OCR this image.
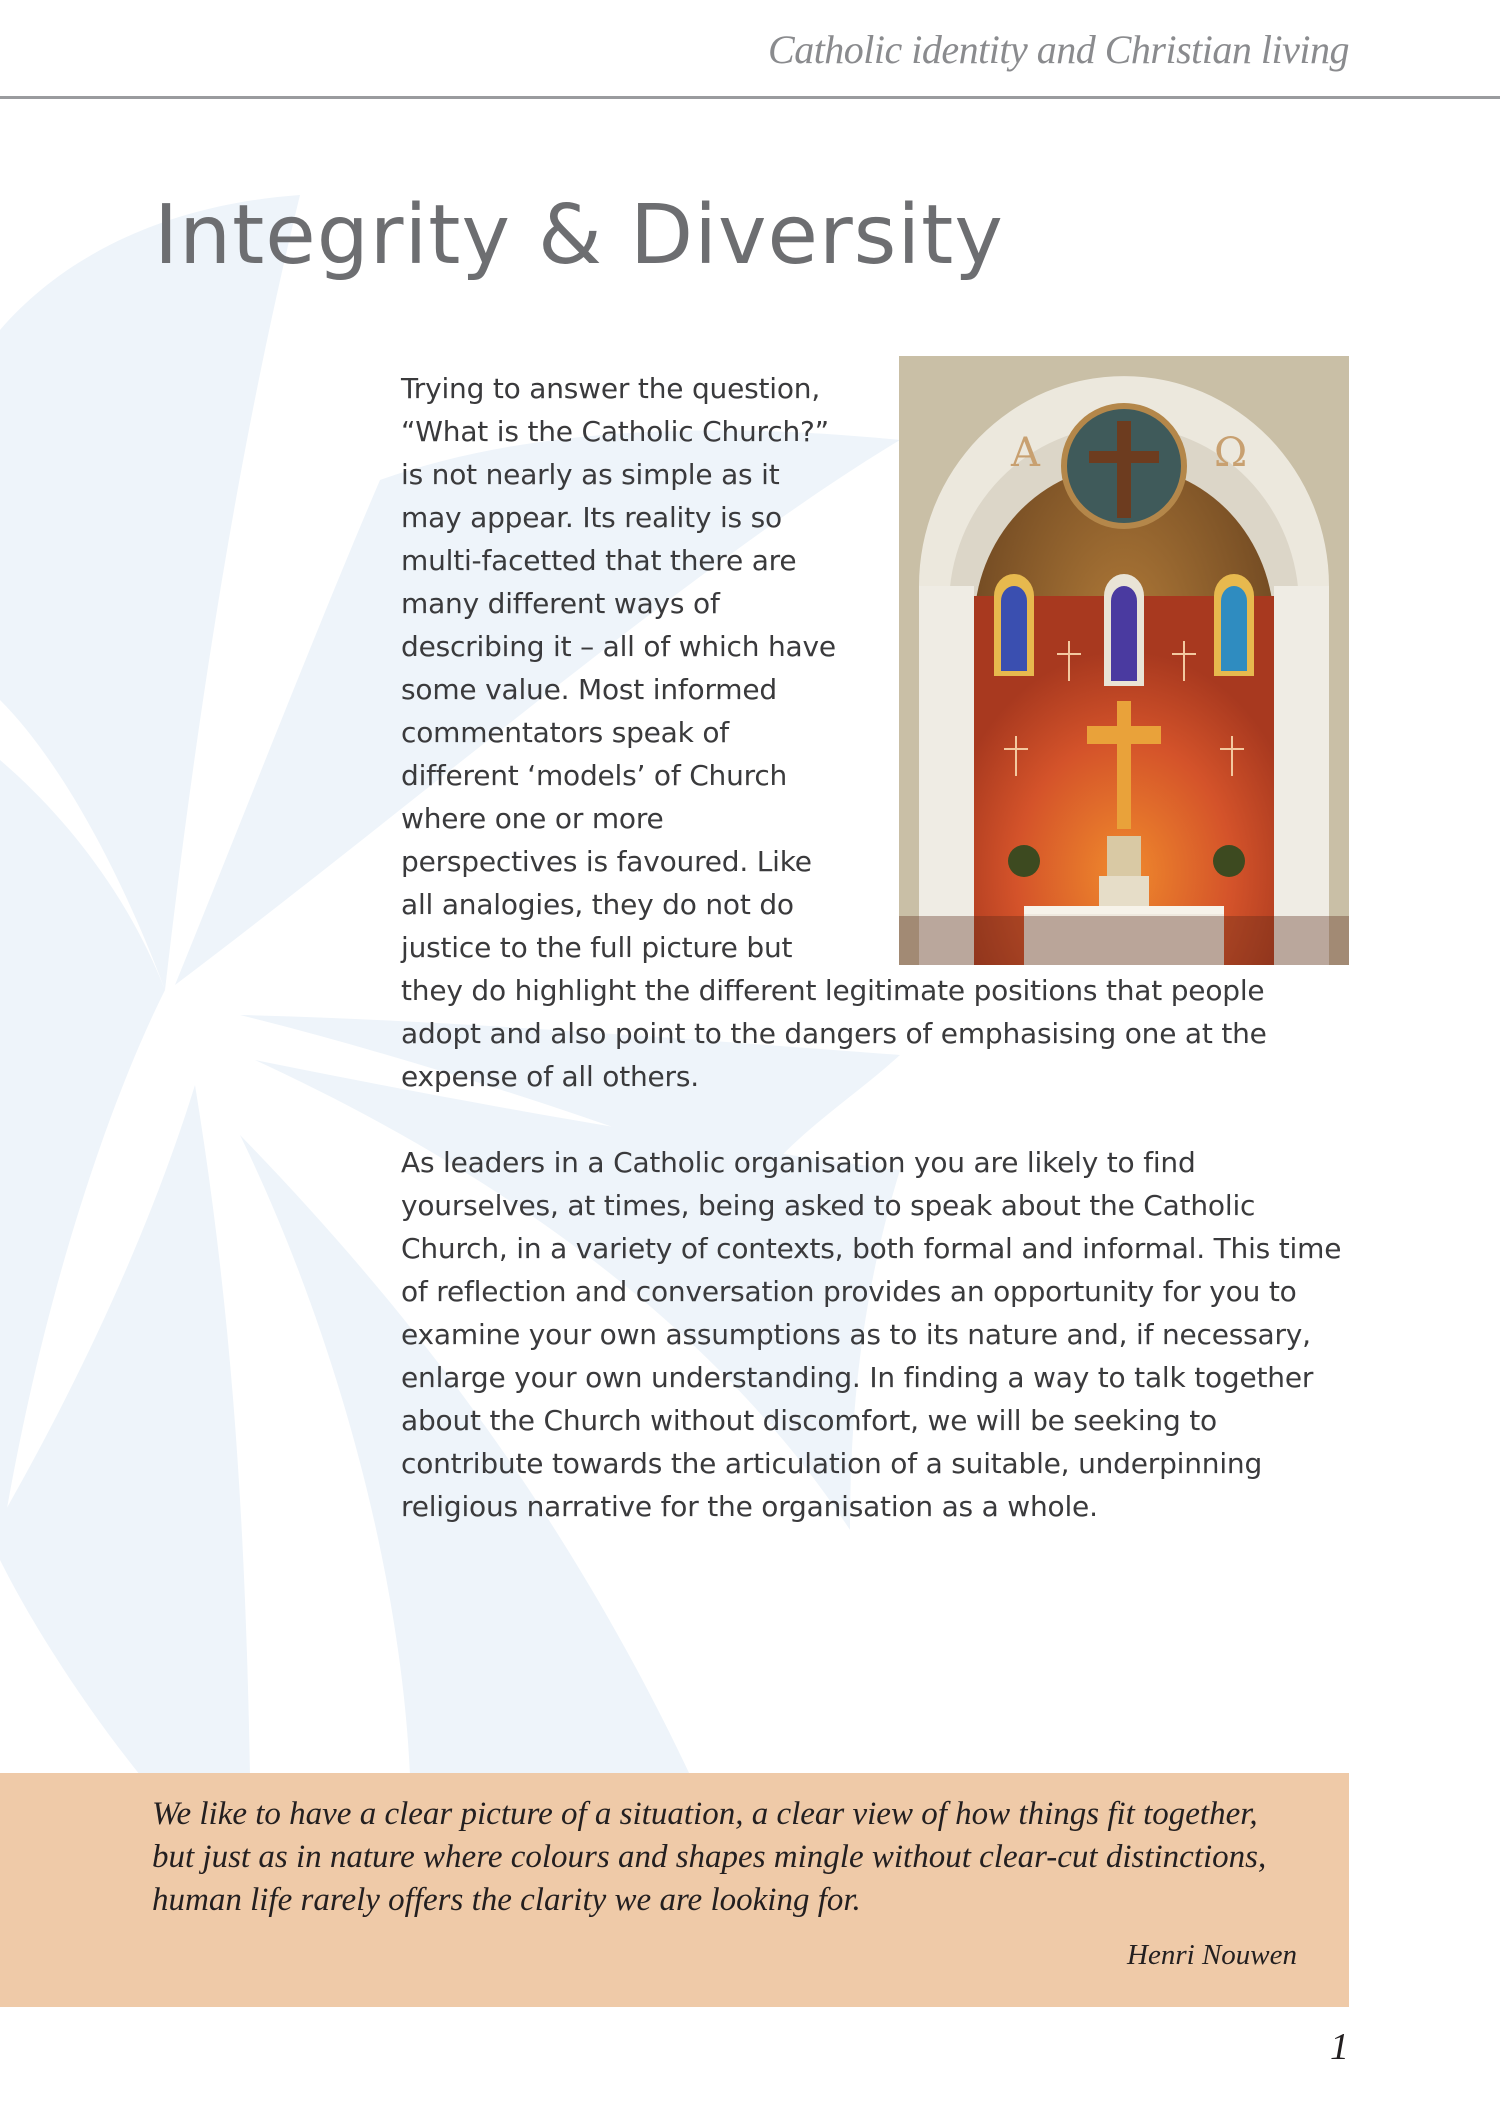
Catholic identity and Christian living
Integrity & Diversity
A	Ω
Trying to answer the question, “What is the Catholic Church?” is not nearly as simple as it may appear. Its reality is so multi-facetted that there are many different ways of describing it – all of which have some value. Most informed commentators speak of different ‘models’ of Church where one or more perspectives is favoured. Like all analogies, they do not do justice to the full picture but they do highlight the different legitimate positions that people adopt and also point to the dangers of emphasising one at the expense of all others.

As leaders in a Catholic organisation you are likely to find yourselves, at times, being asked to speak about the Catholic Church, in a variety of contexts, both formal and informal. This time of reflection and conversation provides an opportunity for you to examine your own assumptions as to its nature and, if necessary, enlarge your own understanding. In finding a way to talk together about the Church without discomfort, we will be seeking to contribute towards the articulation of a suitable, underpinning religious narrative for the organisation as a whole.

We like to have a clear picture of a situation, a clear view of how things fit together,
but just as in nature where colours and shapes mingle without clear-cut distinctions,
human life rarely offers the clarity we are looking for.
Henri Nouwen
1
